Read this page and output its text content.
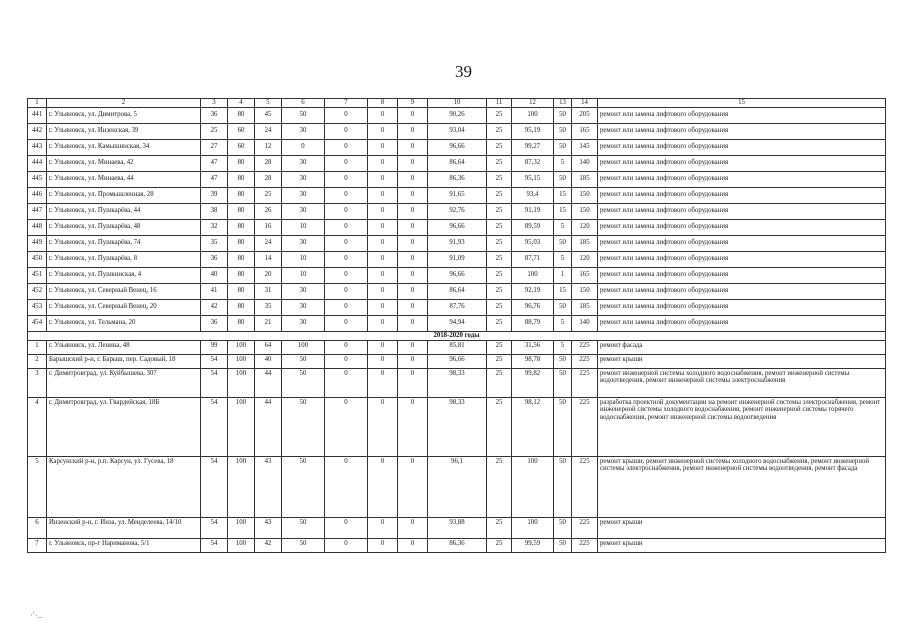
39
1	2	3	4	5	6	7	8	9	10	11	12	13	14	15
441	г. Ульяновск, ул. Димитрова, 5	36	80	45	50	0	0	0	90,26	25	100	50	205	ремонт или замена лифтового оборудования
442	г. Ульяновск, ул. Инзенская, 39	25	60	24	30	0	0	0	93,04	25	95,19	50	165	ремонт или замена лифтового оборудования
443	г. Ульяновск, ул. Камышинская, 34	27	60	12	0	0	0	0	96,66	25	99,27	50	145	ремонт или замена лифтового оборудования
444	г. Ульяновск, ул. Минаева, 42	47	80	28	30	0	0	0	86,64	25	87,32	5	140	ремонт или замена лифтового оборудования
445	г. Ульяновск, ул. Минаева, 44	47	80	28	30	0	0	0	86,36	25	95,15	50	185	ремонт или замена лифтового оборудования
446	г. Ульяновск, ул. Промышленная, 28	39	80	25	30	0	0	0	91,65	25	93,4	15	150	ремонт или замена лифтового оборудования
447	г. Ульяновск, ул. Пушкарёва, 44	38	80	26	30	0	0	0	92,76	25	91,19	15	150	ремонт или замена лифтового оборудования
448	г. Ульяновск, ул. Пушкарёва, 48	32	80	16	10	0	0	0	96,66	25	89,59	5	120	ремонт или замена лифтового оборудования
449	г. Ульяновск, ул. Пушкарёва, 74	35	80	24	30	0	0	0	91,93	25	95,03	50	185	ремонт или замена лифтового оборудования
450	г. Ульяновск, ул. Пушкарёва, 8	36	80	14	10	0	0	0	91,09	25	87,71	5	120	ремонт или замена лифтового оборудования
451	г. Ульяновск, ул. Пушкинская, 4	40	80	20	10	0	0	0	96,66	25	100	1	165	ремонт или замена лифтового оборудования
452	г. Ульяновск, ул. Северный Венец, 16	41	80	31	30	0	0	0	86,64	25	92,19	15	150	ремонт или замена лифтового оборудования
453	г. Ульяновск, ул. Северный Венец, 20	42	80	35	30	0	0	0	87,76	25	96,76	50	185	ремонт или замена лифтового оборудования
454	г. Ульяновск, ул. Тельмана, 20	36	80	21	30	0	0	0	94,94	25	88,79	5	140	ремонт или замена лифтового оборудования
2018-2020 годы														
1	г. Ульяновск, ул. Ленина, 48	99	100	64	100	0	0	0	85,81	25	31,56	5	225	ремонт фасада
2	Барышский р-н, г. Барыш, пер. Садовый, 18	54	100	40	50	0	0	0	96,66	25	98,78	50	225	ремонт крыши
3	г. Димитровград, ул. Куйбышева, 307	54	100	44	50	0	0	0	98,33	25	99,82	50	225	ремонт инженерной системы холодного водоснабжения, ремонт инженерной системы водоотведения, ремонт инженерной системы электроснабжения
4	г. Димитровград, ул. Гвардейская, 18Б	54	100	44	50	0	0	0	98,33	25	98,12	50	225	разработка проектной документации на ремонт инженерной системы электроснабжения, ремонт инженерной системы холодного водоснабжения, ремонт инженерной системы горячего водоснабжения, ремонт инженерной системы водоотведения
5	Карсунский р-н, р.п. Карсун, ул. Гусева, 18	54	100	43	50	0	0	0	96,1	25	100	50	225	ремонт крыши, ремонт инженерной системы холодного водоснабжения, ремонт инженерной системы электроснабжения, ремонт инженерной системы водоотведения, ремонт фасада
6	Инзенский р-н, г. Инза, ул. Менделеева, 14/10	54	100	43	50	0	0	0	93,88	25	100	50	225	ремонт крыши
7	г. Ульяновск, пр-т Нариманова, 5/1	54	100	42	50	0	0	0	86,36	25	99,59	50	225	ремонт крыши
·'·..
